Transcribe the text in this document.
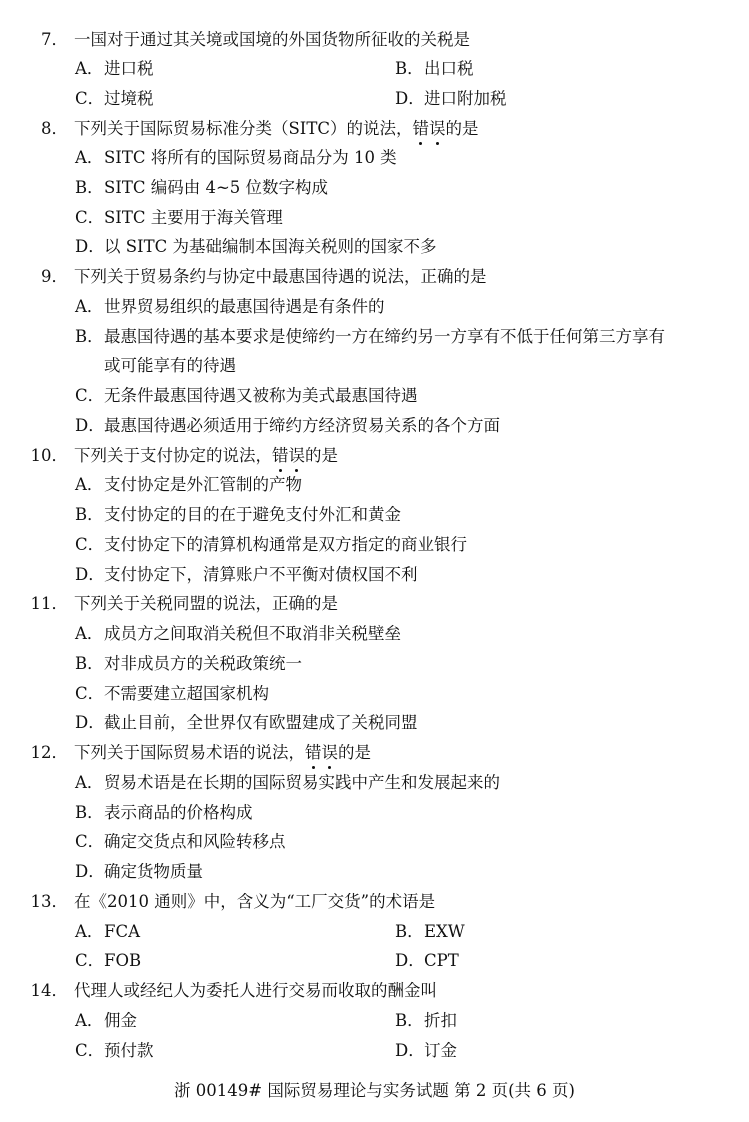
7． 一国对于通过其关境或国境的外国货物所征收的关税是
A．进口税	B．出口税
C．过境税	D．进口附加税
8． 下列关于国际贸易标准分类（SITC）的说法，错误的是
A．SITC 将所有的国际贸易商品分为 10 类
B．SITC 编码由 4~5 位数字构成
C．SITC 主要用于海关管理
D．以 SITC 为基础编制本国海关税则的国家不多
9． 下列关于贸易条约与协定中最惠国待遇的说法，正确的是
A．世界贸易组织的最惠国待遇是有条件的
B．最惠国待遇的基本要求是使缔约一方在缔约另一方享有不低于任何第三方享有
或可能享有的待遇
C．无条件最惠国待遇又被称为美式最惠国待遇
D．最惠国待遇必须适用于缔约方经济贸易关系的各个方面
10． 下列关于支付协定的说法，错误的是
A．支付协定是外汇管制的产物
B．支付协定的目的在于避免支付外汇和黄金
C．支付协定下的清算机构通常是双方指定的商业银行
D．支付协定下，清算账户不平衡对债权国不利
11． 下列关于关税同盟的说法，正确的是
A．成员方之间取消关税但不取消非关税壁垒
B．对非成员方的关税政策统一
C．不需要建立超国家机构
D．截止目前，全世界仅有欧盟建成了关税同盟
12． 下列关于国际贸易术语的说法，错误的是
A．贸易术语是在长期的国际贸易实践中产生和发展起来的
B．表示商品的价格构成
C．确定交货点和风险转移点
D．确定货物质量
13． 在《2010 通则》中，含义为“工厂交货”的术语是
A．FCA	B．EXW
C．FOB	D．CPT
14． 代理人或经纪人为委托人进行交易而收取的酬金叫
A．佣金	B．折扣
C．预付款	D．订金
浙 00149# 国际贸易理论与实务试题 第 2 页(共 6 页)
